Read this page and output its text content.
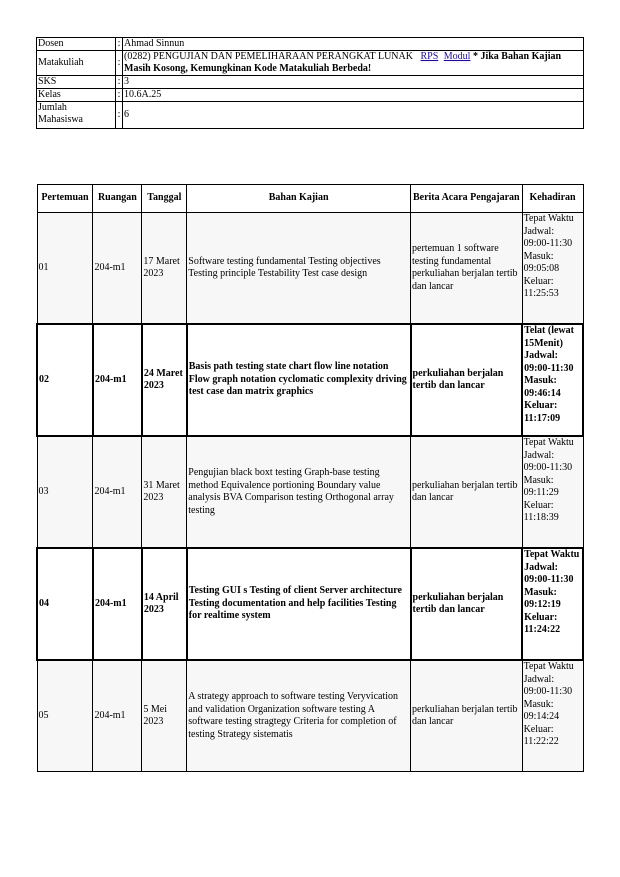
Dosen	:	Ahmad Sinnun
Matakuliah	:	(0282) PENGUJIAN DAN PEMELIHARAAN PERANGKAT LUNAK RPS Modul * Jika Bahan Kajian Masih Kosong, Kemungkinan Kode Matakuliah Berbeda!
SKS	:	3
Kelas	:	10.6A.25
Jumlah Mahasiswa	:	6
Pertemuan	Ruangan	Tanggal	Bahan Kajian	Berita Acara Pengajaran	Kehadiran
01	204-m1	17 Maret 2023	Software testing fundamental Testing objectives Testing principle Testability Test case design	pertemuan 1 software testing fundamental perkuliahan berjalan tertib dan lancar	Tepat Waktu Jadwal: 09:00-11:30 Masuk: 09:05:08 Keluar: 11:25:53
02	204-m1	24 Maret 2023	Basis path testing state chart flow line notation Flow graph notation cyclomatic complexity driving test case dan matrix graphics	perkuliahan berjalan tertib dan lancar	Telat (lewat 15Menit) Jadwal: 09:00-11:30 Masuk: 09:46:14 Keluar: 11:17:09
03	204-m1	31 Maret 2023	Pengujian black boxt testing Graph-base testing method Equivalence portioning Boundary value analysis BVA Comparison testing Orthogonal array testing	perkuliahan berjalan tertib dan lancar	Tepat Waktu Jadwal: 09:00-11:30 Masuk: 09:11:29 Keluar: 11:18:39
04	204-m1	14 April 2023	Testing GUI s Testing of client Server architecture Testing documentation and help facilities Testing for realtime system	perkuliahan berjalan tertib dan lancar	Tepat Waktu Jadwal: 09:00-11:30 Masuk: 09:12:19 Keluar: 11:24:22
05	204-m1	5 Mei 2023	A strategy approach to software testing Veryvication and validation Organization software testing A software testing stragtegy Criteria for completion of testing Strategy sistematis	perkuliahan berjalan tertib dan lancar	Tepat Waktu Jadwal: 09:00-11:30 Masuk: 09:14:24 Keluar: 11:22:22
